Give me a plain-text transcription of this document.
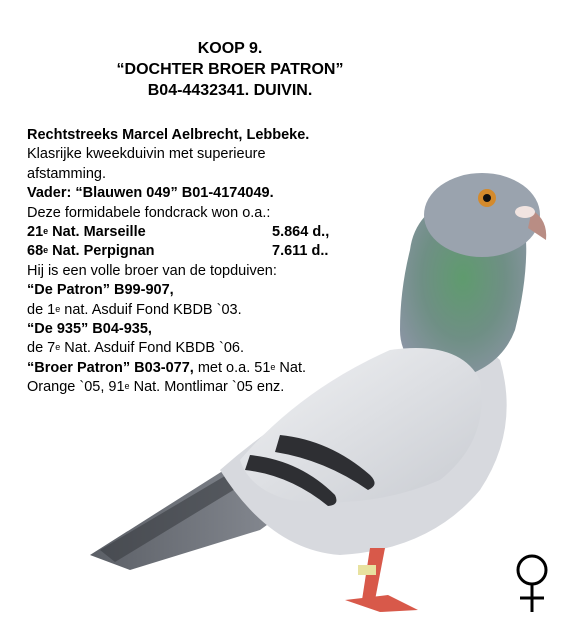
KOOP 9.
“DOCHTER BROER PATRON”
B04-4432341. DUIVIN.
Rechtstreeks Marcel Aelbrecht, Lebbeke.
Klasrijke kweekduivin met superieure
afstamming.
Vader: “Blauwen 049” B01-4174049.
Deze formidabele fondcrack won o.a.:
21e Nat. Marseille	5.864 d.,
68e Nat. Perpignan	7.611 d..
Hij is een volle broer van de topduiven:
“De Patron” B99-907,
de 1e nat. Asduif Fond KBDB `03.
“De 935” B04-935,
de 7e Nat. Asduif Fond KBDB `06.
“Broer Patron” B03-077, met o.a. 51e Nat.
Orange `05, 91e Nat. Montlimar `05 enz.
